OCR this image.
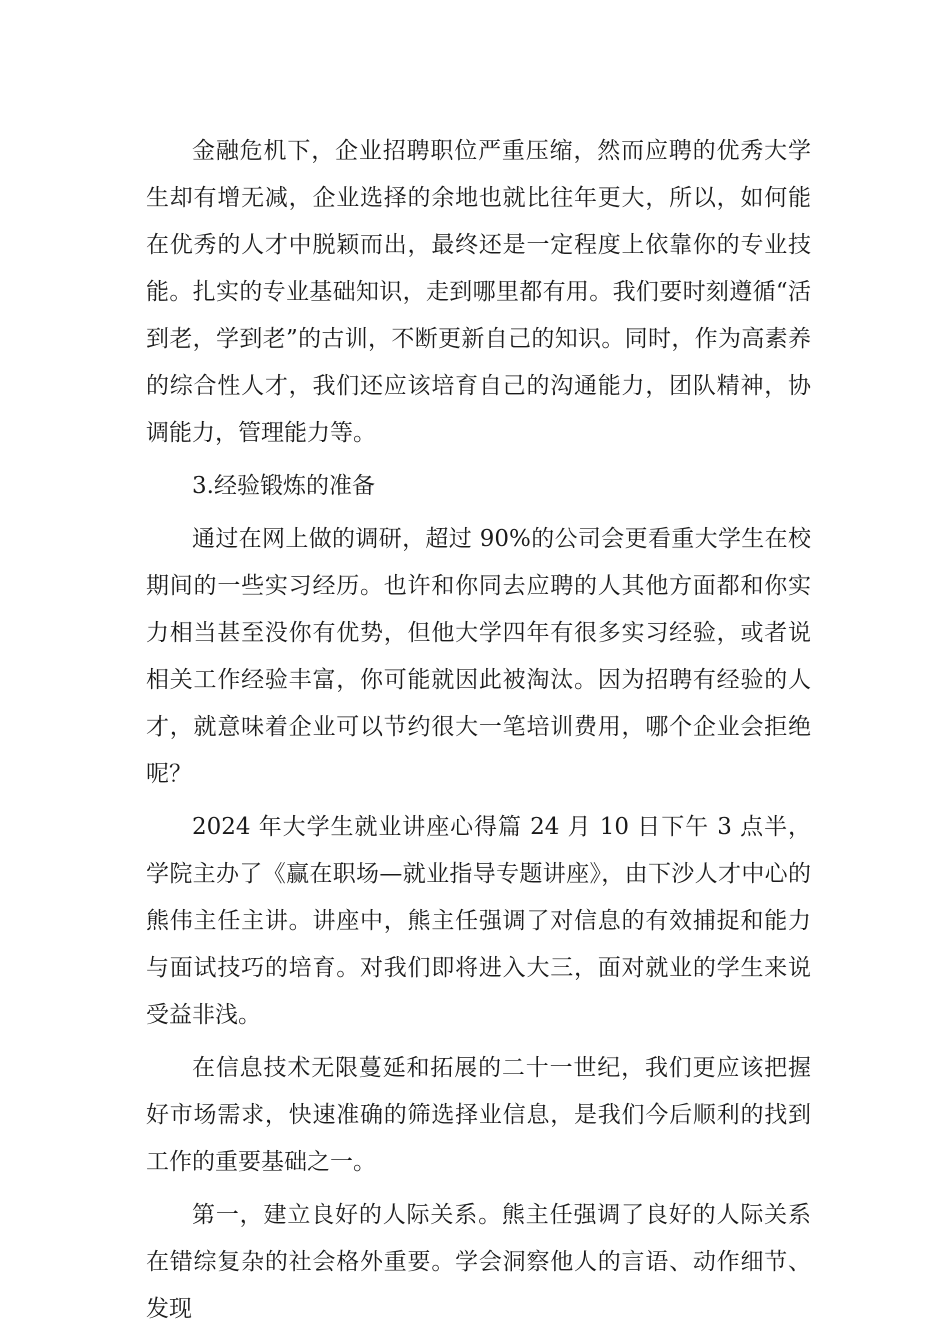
金融危机下，企业招聘职位严重压缩，然而应聘的优秀大学生却有增无减，企业选择的余地也就比往年更大，所以，如何能在优秀的人才中脱颖而出，最终还是一定程度上依靠你的专业技能。扎实的专业基础知识，走到哪里都有用。我们要时刻遵循“活到老，学到老”的古训，不断更新自己的知识。同时，作为高素养的综合性人才，我们还应该培育自己的沟通能力，团队精神，协调能力，管理能力等。

3.经验锻炼的准备

通过在网上做的调研，超过 90%的公司会更看重大学生在校期间的一些实习经历。也许和你同去应聘的人其他方面都和你实力相当甚至没你有优势，但他大学四年有很多实习经验，或者说相关工作经验丰富，你可能就因此被淘汰。因为招聘有经验的人才，就意味着企业可以节约很大一笔培训费用，哪个企业会拒绝呢？

2024 年大学生就业讲座心得篇 24 月 10 日下午 3 点半，学院主办了《赢在职场—就业指导专题讲座》，由下沙人才中心的熊伟主任主讲。讲座中，熊主任强调了对信息的有效捕捉和能力与面试技巧的培育。对我们即将进入大三，面对就业的学生来说受益非浅。

在信息技术无限蔓延和拓展的二十一世纪，我们更应该把握好市场需求，快速准确的筛选择业信息，是我们今后顺利的找到工作的重要基础之一。

第一，建立良好的人际关系。熊主任强调了良好的人际关系在错综复杂的社会格外重要。学会洞察他人的言语、动作细节、发现
